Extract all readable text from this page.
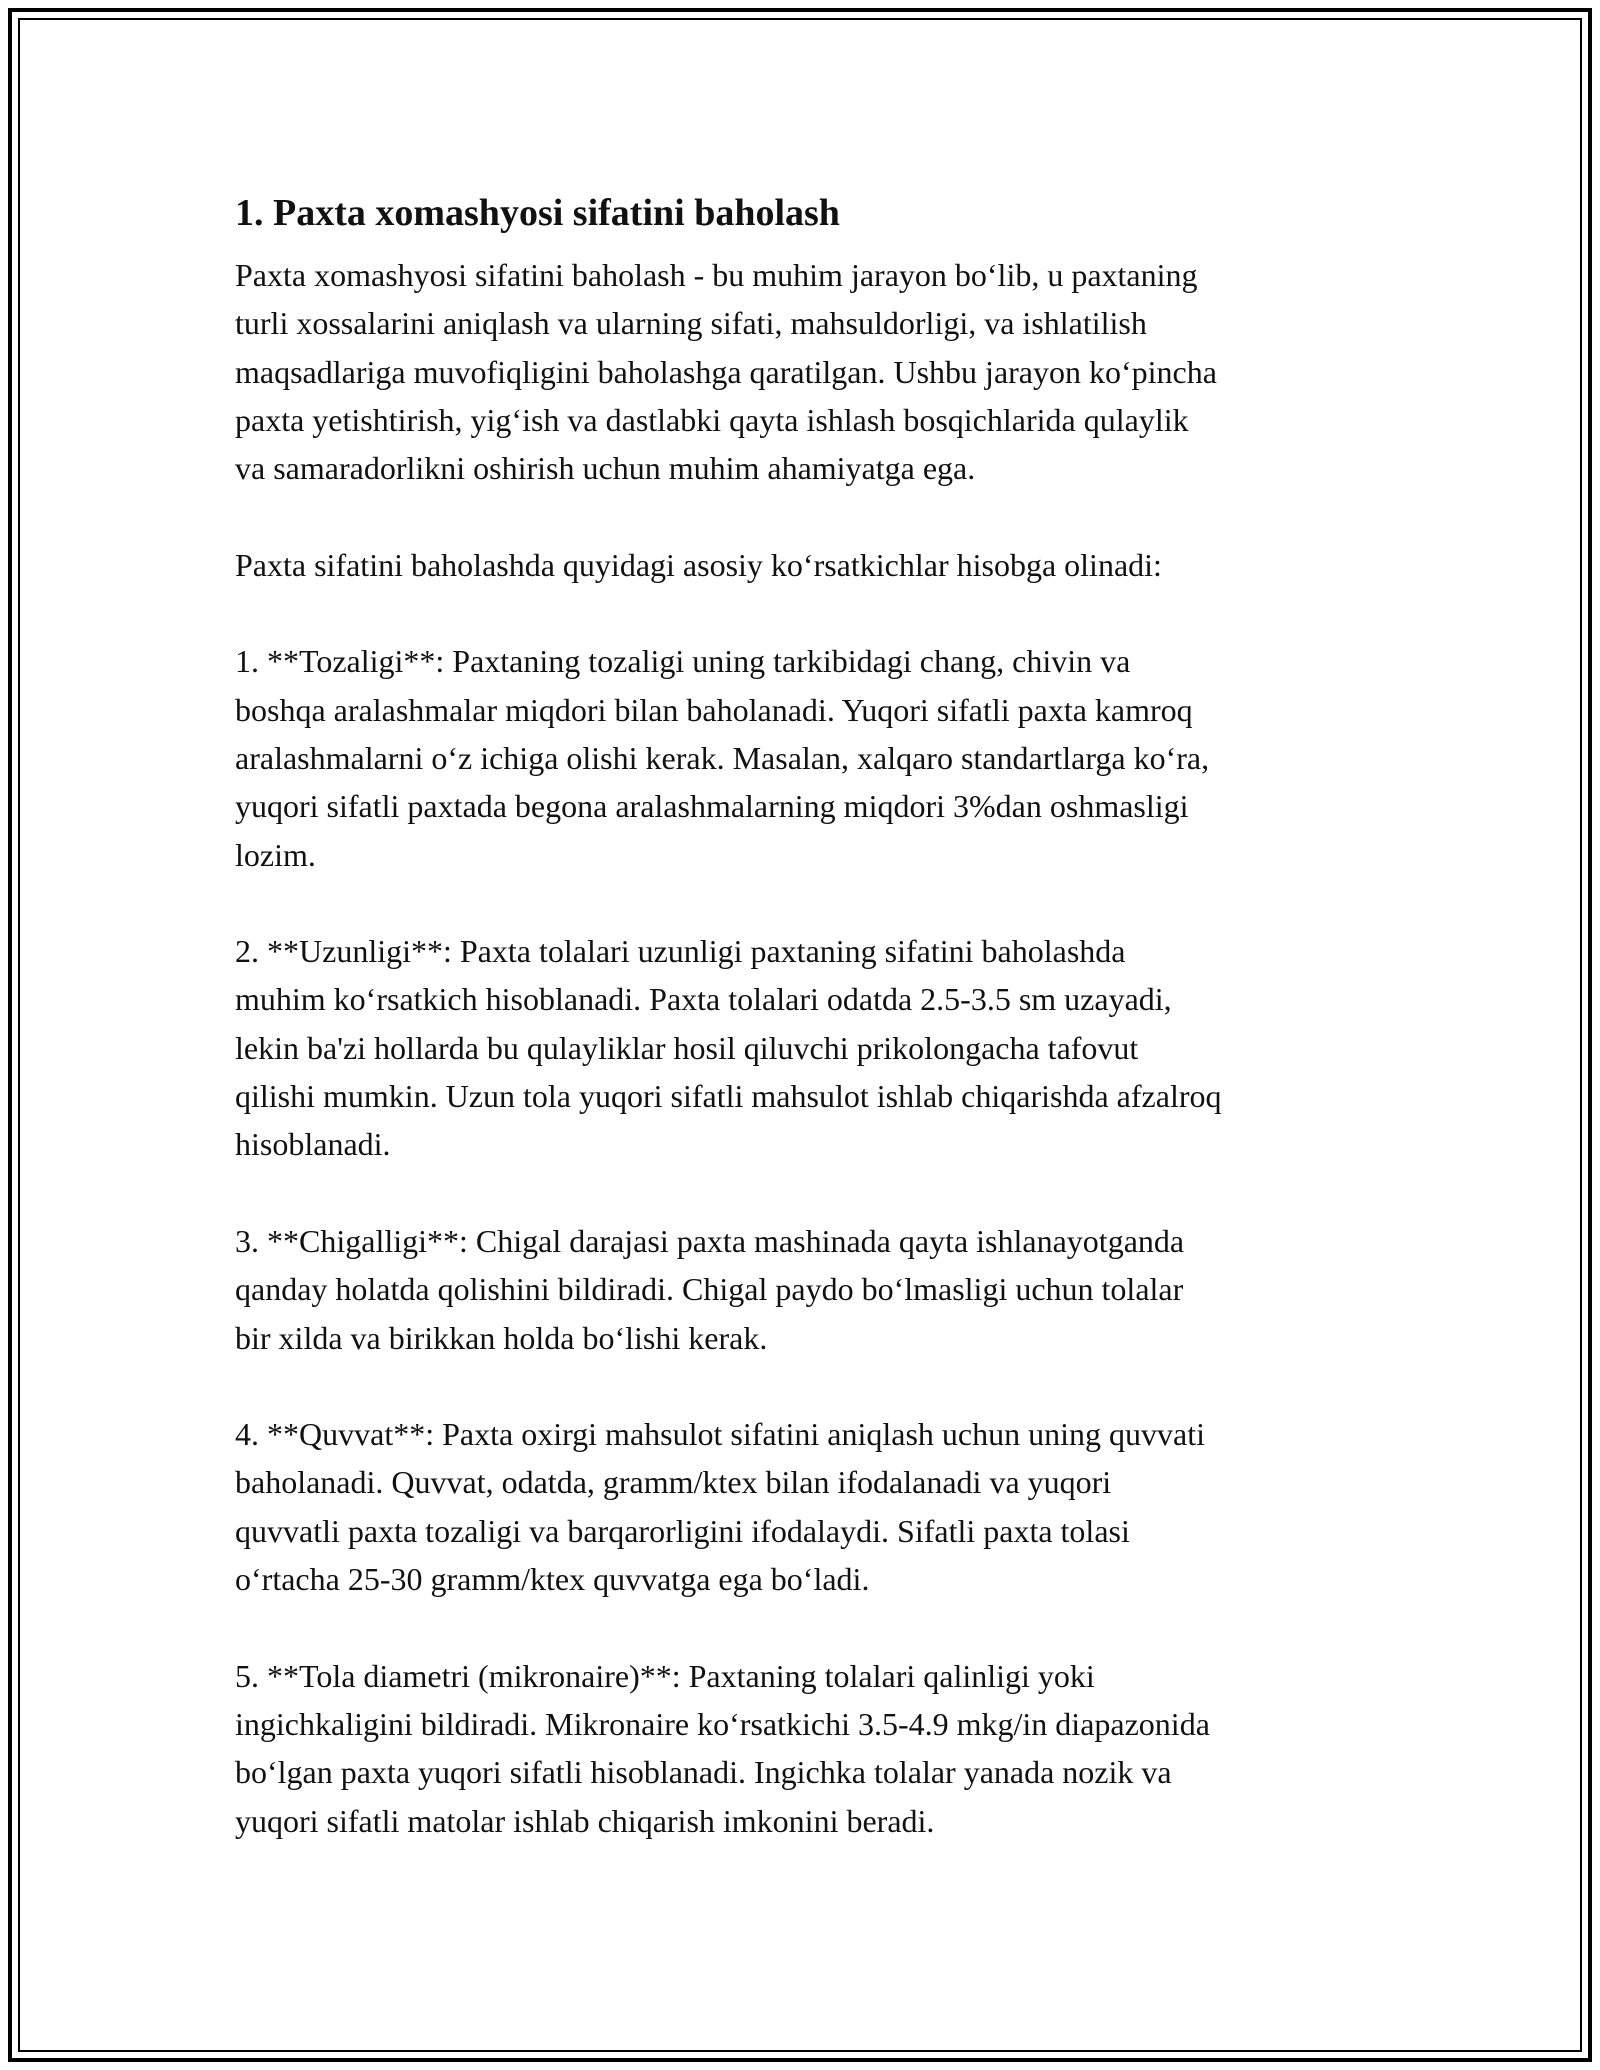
1. Paxta xomashyosi sifatini baholash

Paxta xomashyosi sifatini baholash - bu muhim jarayon bo‘lib, u paxtaning
turli xossalarini aniqlash va ularning sifati, mahsuldorligi, va ishlatilish
maqsadlariga muvofiqligini baholashga qaratilgan. Ushbu jarayon ko‘pincha
paxta yetishtirish, yig‘ish va dastlabki qayta ishlash bosqichlarida qulaylik
va samaradorlikni oshirish uchun muhim ahamiyatga ega.

Paxta sifatini baholashda quyidagi asosiy ko‘rsatkichlar hisobga olinadi:

1. **Tozaligi**: Paxtaning tozaligi uning tarkibidagi chang, chivin va
boshqa aralashmalar miqdori bilan baholanadi. Yuqori sifatli paxta kamroq
aralashmalarni o‘z ichiga olishi kerak. Masalan, xalqaro standartlarga ko‘ra,
yuqori sifatli paxtada begona aralashmalarning miqdori 3%dan oshmasligi
lozim.

2. **Uzunligi**: Paxta tolalari uzunligi paxtaning sifatini baholashda
muhim ko‘rsatkich hisoblanadi. Paxta tolalari odatda 2.5-3.5 sm uzayadi,
lekin ba'zi hollarda bu qulayliklar hosil qiluvchi prikolongacha tafovut
qilishi mumkin. Uzun tola yuqori sifatli mahsulot ishlab chiqarishda afzalroq
hisoblanadi.

3. **Chigalligi**: Chigal darajasi paxta mashinada qayta ishlanayotganda
qanday holatda qolishini bildiradi. Chigal paydo bo‘lmasligi uchun tolalar
bir xilda va birikkan holda bo‘lishi kerak.

4. **Quvvat**: Paxta oxirgi mahsulot sifatini aniqlash uchun uning quvvati
baholanadi. Quvvat, odatda, gramm/ktex bilan ifodalanadi va yuqori
quvvatli paxta tozaligi va barqarorligini ifodalaydi. Sifatli paxta tolasi
o‘rtacha 25-30 gramm/ktex quvvatga ega bo‘ladi.

5. **Tola diametri (mikronaire)**: Paxtaning tolalari qalinligi yoki
ingichkaligini bildiradi. Mikronaire ko‘rsatkichi 3.5-4.9 mkg/in diapazonida
bo‘lgan paxta yuqori sifatli hisoblanadi. Ingichka tolalar yanada nozik va
yuqori sifatli matolar ishlab chiqarish imkonini beradi.
